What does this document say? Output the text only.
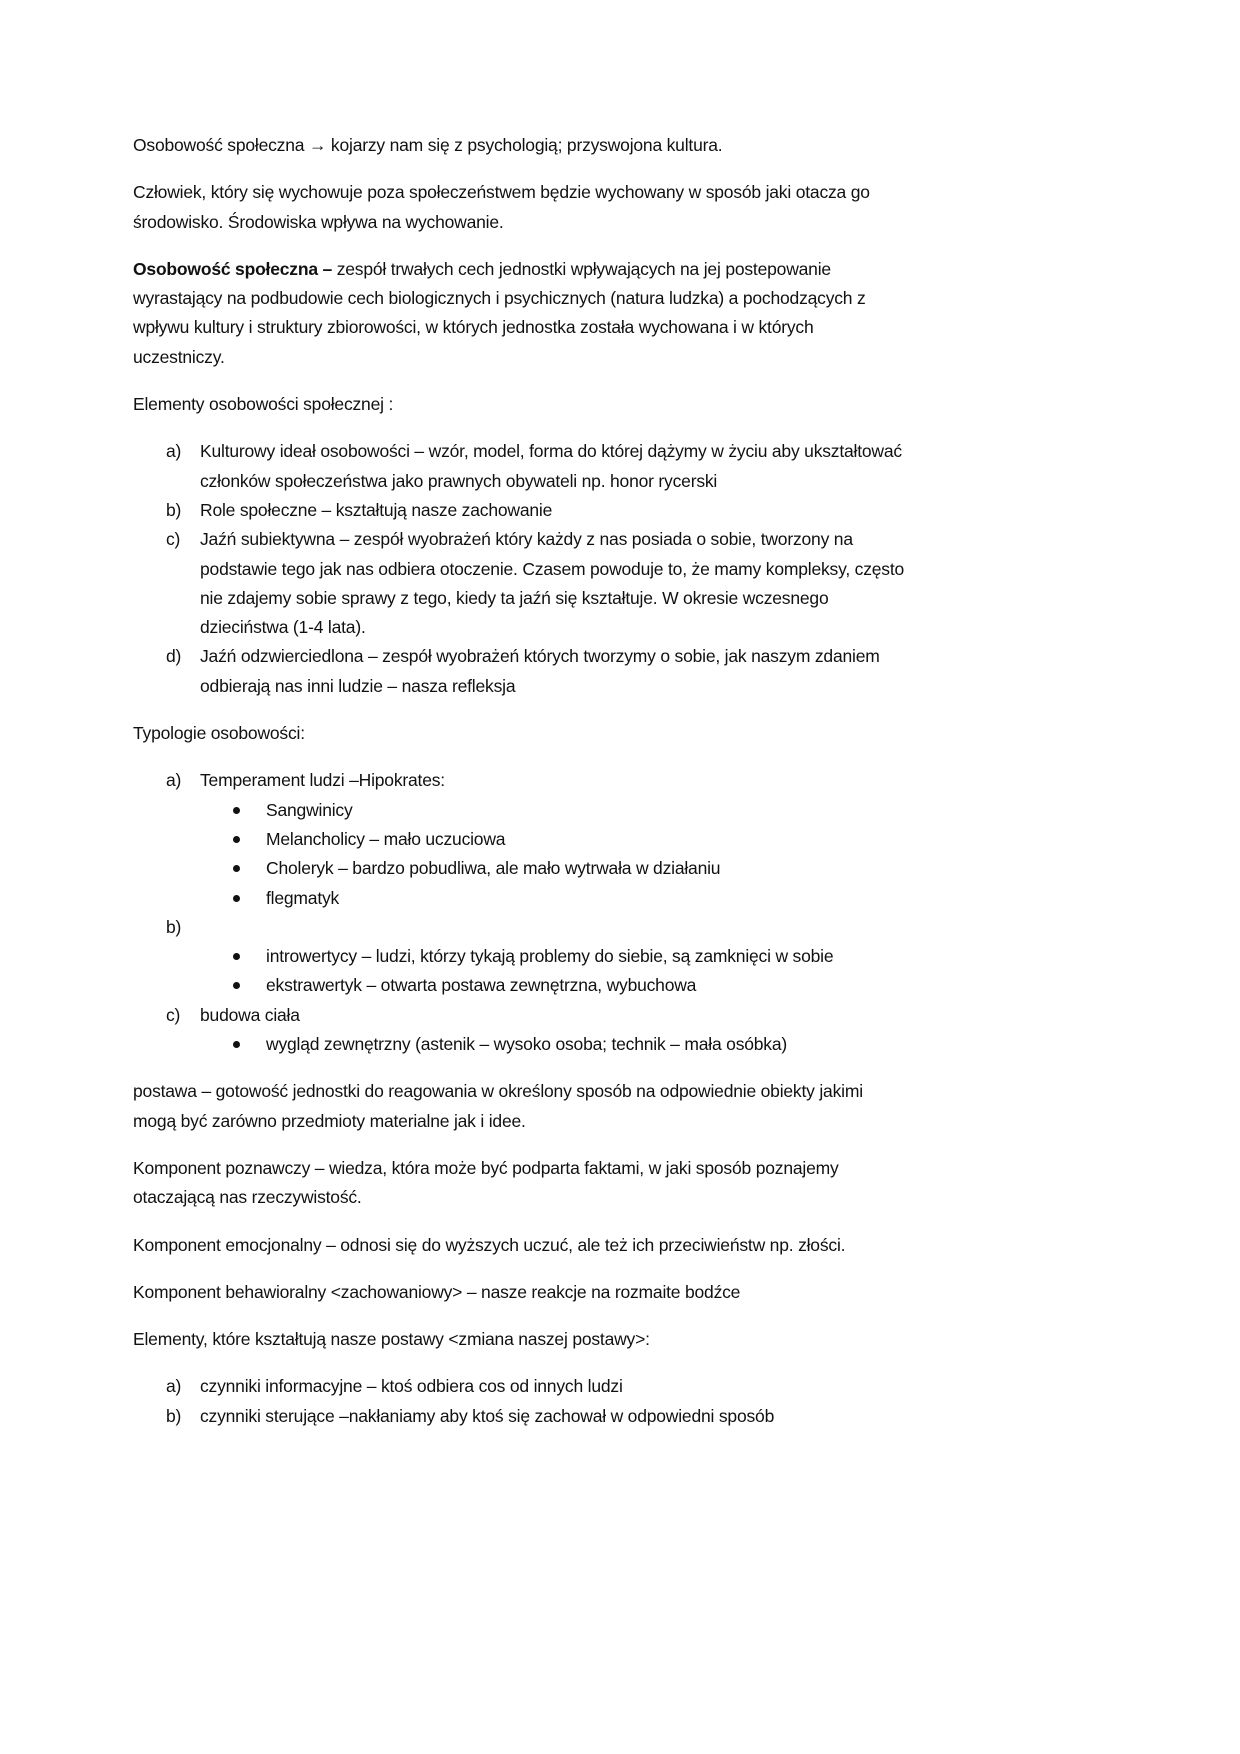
Osobowość społeczna → kojarzy nam się z psychologią; przyswojona kultura.
Człowiek, który się wychowuje poza społeczeństwem będzie wychowany w sposób jaki otacza go
środowisko. Środowiska wpływa na wychowanie.
Osobowość społeczna – zespół trwałych cech jednostki wpływających na jej postepowanie
wyrastający na podbudowie cech biologicznych i psychicznych (natura ludzka) a pochodzących z
wpływu kultury i struktury zbiorowości, w których jednostka została wychowana i w których
uczestniczy.
Elementy osobowości społecznej :
a) Kulturowy ideał osobowości – wzór, model, forma do której dążymy w życiu aby ukształtować
członków społeczeństwa jako prawnych obywateli np. honor rycerski
b) Role społeczne – kształtują nasze zachowanie
c) Jaźń subiektywna – zespół wyobrażeń który każdy z nas posiada o sobie, tworzony na
podstawie tego jak nas odbiera otoczenie. Czasem powoduje to, że mamy kompleksy, często
nie zdajemy sobie sprawy z tego, kiedy ta jaźń się kształtuje. W okresie wczesnego
dzieciństwa (1-4 lata).
d) Jaźń odzwierciedlona – zespół wyobrażeń których tworzymy o sobie, jak naszym zdaniem
odbierają nas inni ludzie – nasza refleksja
Typologie osobowości:
a) Temperament ludzi –Hipokrates:
Sangwinicy
Melancholicy – mało uczuciowa
Choleryk – bardzo pobudliwa, ale mało wytrwała w działaniu
flegmatyk
b)
introwertycy – ludzi, którzy tykają problemy do siebie, są zamknięci w sobie
ekstrawertyk – otwarta postawa zewnętrzna, wybuchowa
c) budowa ciała
wygląd zewnętrzny (astenik – wysoko osoba; technik – mała osóbka)
postawa – gotowość jednostki do reagowania w określony sposób na odpowiednie obiekty jakimi
mogą być zarówno przedmioty materialne jak i idee.
Komponent poznawczy – wiedza, która może być podparta faktami, w jaki sposób poznajemy
otaczającą nas rzeczywistość.
Komponent emocjonalny – odnosi się do wyższych uczuć, ale też ich przeciwieństw np. złości.
Komponent behawioralny <zachowaniowy> – nasze reakcje na rozmaite bodźce
Elementy, które kształtują nasze postawy <zmiana naszej postawy>:
a) czynniki informacyjne – ktoś odbiera cos od innych ludzi
b) czynniki sterujące –nakłaniamy aby ktoś się zachował w odpowiedni sposób
